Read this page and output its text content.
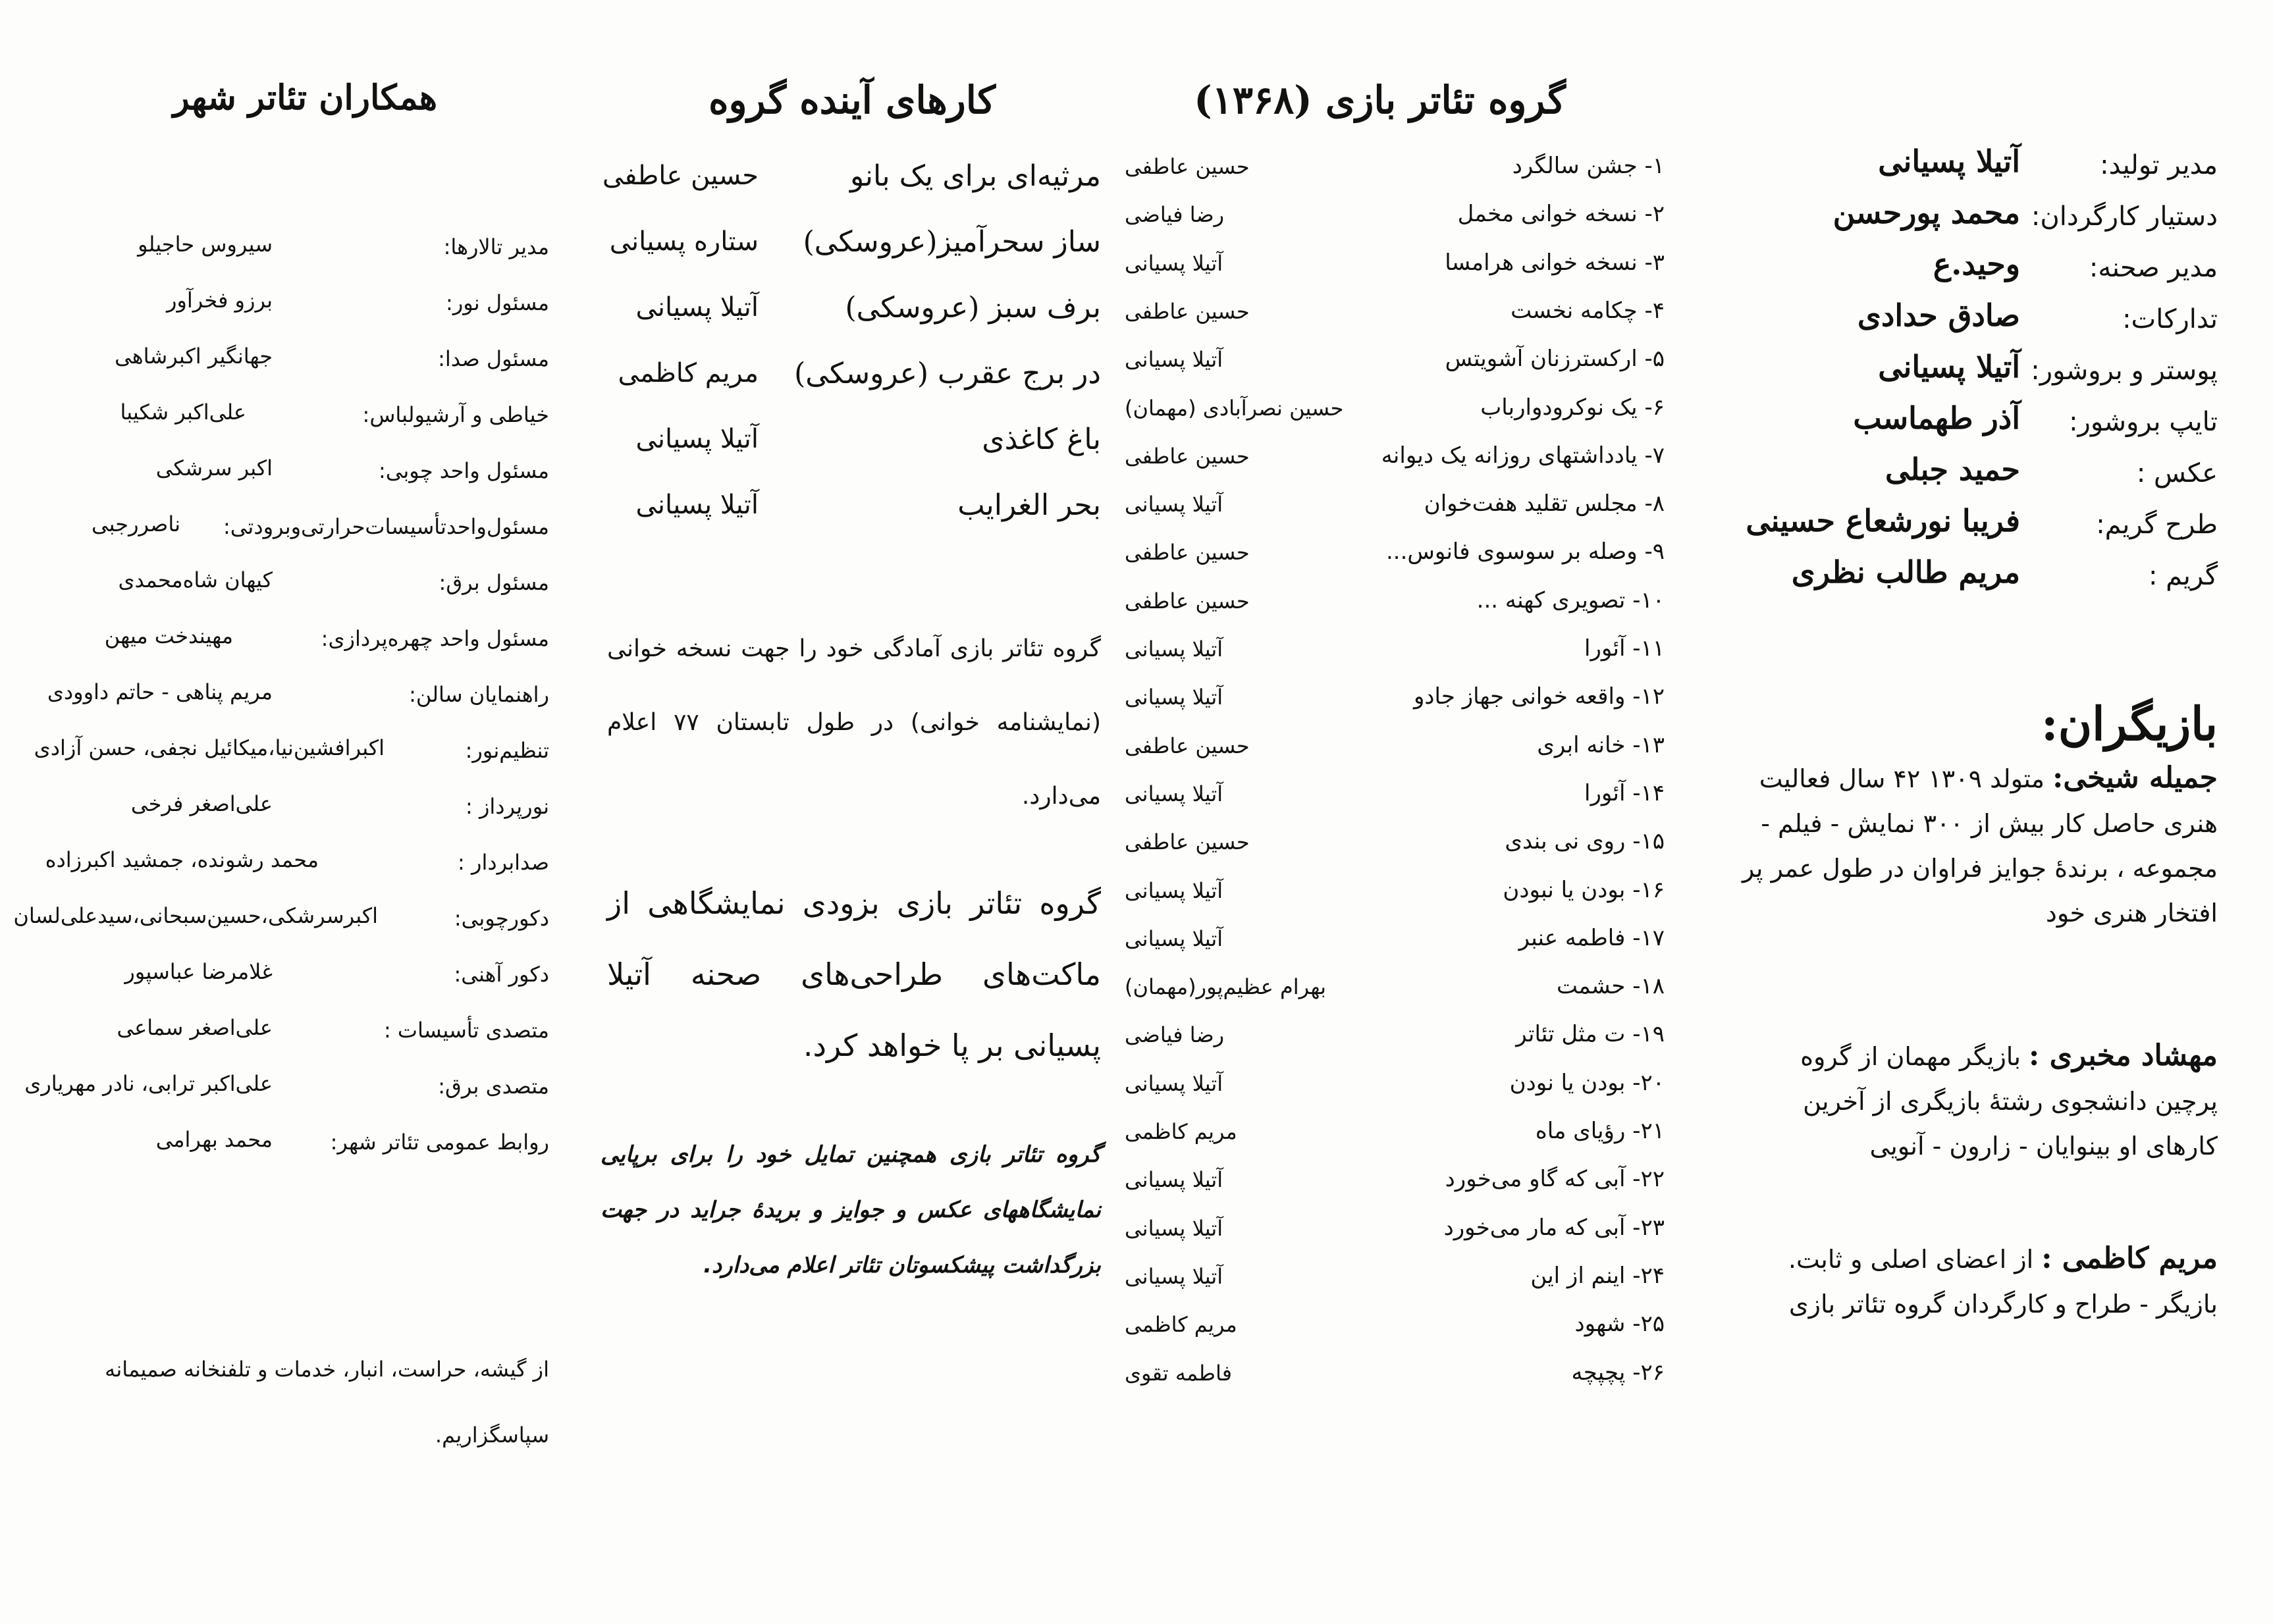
مدیر تولید:
آتیلا پسیانی
دستیار کارگردان:
محمد پورحسن
مدیر صحنه:
وحید.ع
تدارکات:
صادق حدادی
پوستر و بروشور:
آتیلا پسیانی
تایپ بروشور:
آذر طهماسب
عکس :
حمید جبلی
طرح گریم:
فریبا نورشعاع حسینی
گریم :
مریم طالب نظری
بازیگران:
جمیله شیخی: متولد ۱۳۰۹ ۴۲ سال فعالیت هنری حاصل کار بیش از ۳۰۰ نمایش - فیلم - مجموعه ، برندهٔ جوایز فراوان در طول عمر پر افتخار هنری خود
مهشاد مخبری : بازیگر مهمان از گروه پرچین دانشجوی رشتهٔ بازیگری از آخرین کارهای او بینوایان - زارون - آنویی
مریم کاظمی : از اعضای اصلی و ثابت. بازیگر - طراح و کارگردان گروه تئاتر بازی
گروه تئاتر بازی (۱۳۶۸)
۱- جشن سالگرد
حسین عاطفی
۲- نسخه خوانی مخمل
رضا فیاضی
۳- نسخه خوانی هرامسا
آتیلا پسیانی
۴- چکامه نخست
حسین عاطفی
۵- ارکسترزنان آشویتس
آتیلا پسیانی
۶- یک نوکرودوارباب
حسین نصرآبادی (مهمان)
۷- یادداشتهای روزانه یک دیوانه
حسین عاطفی
۸- مجلس تقلید هفت‌خوان
آتیلا پسیانی
۹- وصله بر سوسوی فانوس...
حسین عاطفی
۱۰- تصویری کهنه ...
حسین عاطفی
۱۱- آئورا
آتیلا پسیانی
۱۲- واقعه خوانی جهاز جادو
آتیلا پسیانی
۱۳- خانه ابری
حسین عاطفی
۱۴- آئورا
آتیلا پسیانی
۱۵- روی نی بندی
حسین عاطفی
۱۶- بودن یا نبودن
آتیلا پسیانی
۱۷- فاطمه عنبر
آتیلا پسیانی
۱۸- حشمت
بهرام عظیم‌پور(مهمان)
۱۹- ت مثل تئاتر
رضا فیاضی
۲۰- بودن یا نودن
آتیلا پسیانی
۲۱- رؤیای ماه
مریم کاظمی
۲۲- آبی که گاو می‌خورد
آتیلا پسیانی
۲۳- آبی که مار می‌خورد
آتیلا پسیانی
۲۴- اینم از این
آتیلا پسیانی
۲۵- شهود
مریم کاظمی
۲۶- پچپچه
فاطمه تقوی
کارهای آینده گروه
گروه تئاتر بازی آمادگی خود را جهت نسخه خوانی (نمایشنامه خوانی) در طول تابستان ۷۷ اعلام می‌دارد.
گروه تئاتر بازی بزودی نمایشگاهی از ماکت‌های طراحی‌های صحنه آتیلا پسیانی بر پا خواهد کرد.
گروه تئاتر بازی همچنین تمایل خود را برای برپایی نمایشگاههای عکس و جوایز و بریدهٔ جراید در جهت بزرگداشت پیشکسوتان تئاتر اعلام می‌دارد.
مرثیه‌ای برای یک بانو
حسین عاطفی
ساز سحرآمیز(عروسکی)
ستاره پسیانی
برف سبز (عروسکی)
آتیلا پسیانی
در برج عقرب (عروسکی)
مریم کاظمی
باغ کاغذی
آتیلا پسیانی
بحر الغرایب
آتیلا پسیانی
همکاران تئاتر شهر
مدیر تالارها:
سیروس حاجیلو
مسئول نور:
برزو فخرآور
مسئول صدا:
جهانگیر اکبرشاهی
خیاطی و آرشیولباس:
علی‌اکبر شکیبا
مسئول واحد چوبی:
اکبر سرشکی
مسئول‌واحدتأسیسات‌حرارتی‌وبرودتی:
ناصررجبی
مسئول برق:
کیهان شاه‌محمدی
مسئول واحد چهره‌پردازی:
مهیندخت میهن
راهنمایان سالن:
مریم پناهی - حاتم داوودی
تنظیم‌نور:
اکبرافشین‌نیا،میکائیل نجفی، حسن آزادی
نورپرداز :
علی‌اصغر فرخی
صدابردار :
محمد رشونده، جمشید اکبرزاده
دکورچوبی:
اکبرسرشکی،حسین‌سبحانی،سیدعلی‌لسان
دکور آهنی:
غلامرضا عباسپور
متصدی تأسیسات :
علی‌اصغر سماعی
متصدی برق:
علی‌اکبر ترابی، نادر مهریاری
روابط عمومی تئاتر شهر:
محمد بهرامی
از گیشه، حراست، انبار، خدمات و تلفنخانه صمیمانه سپاسگزاریم.
